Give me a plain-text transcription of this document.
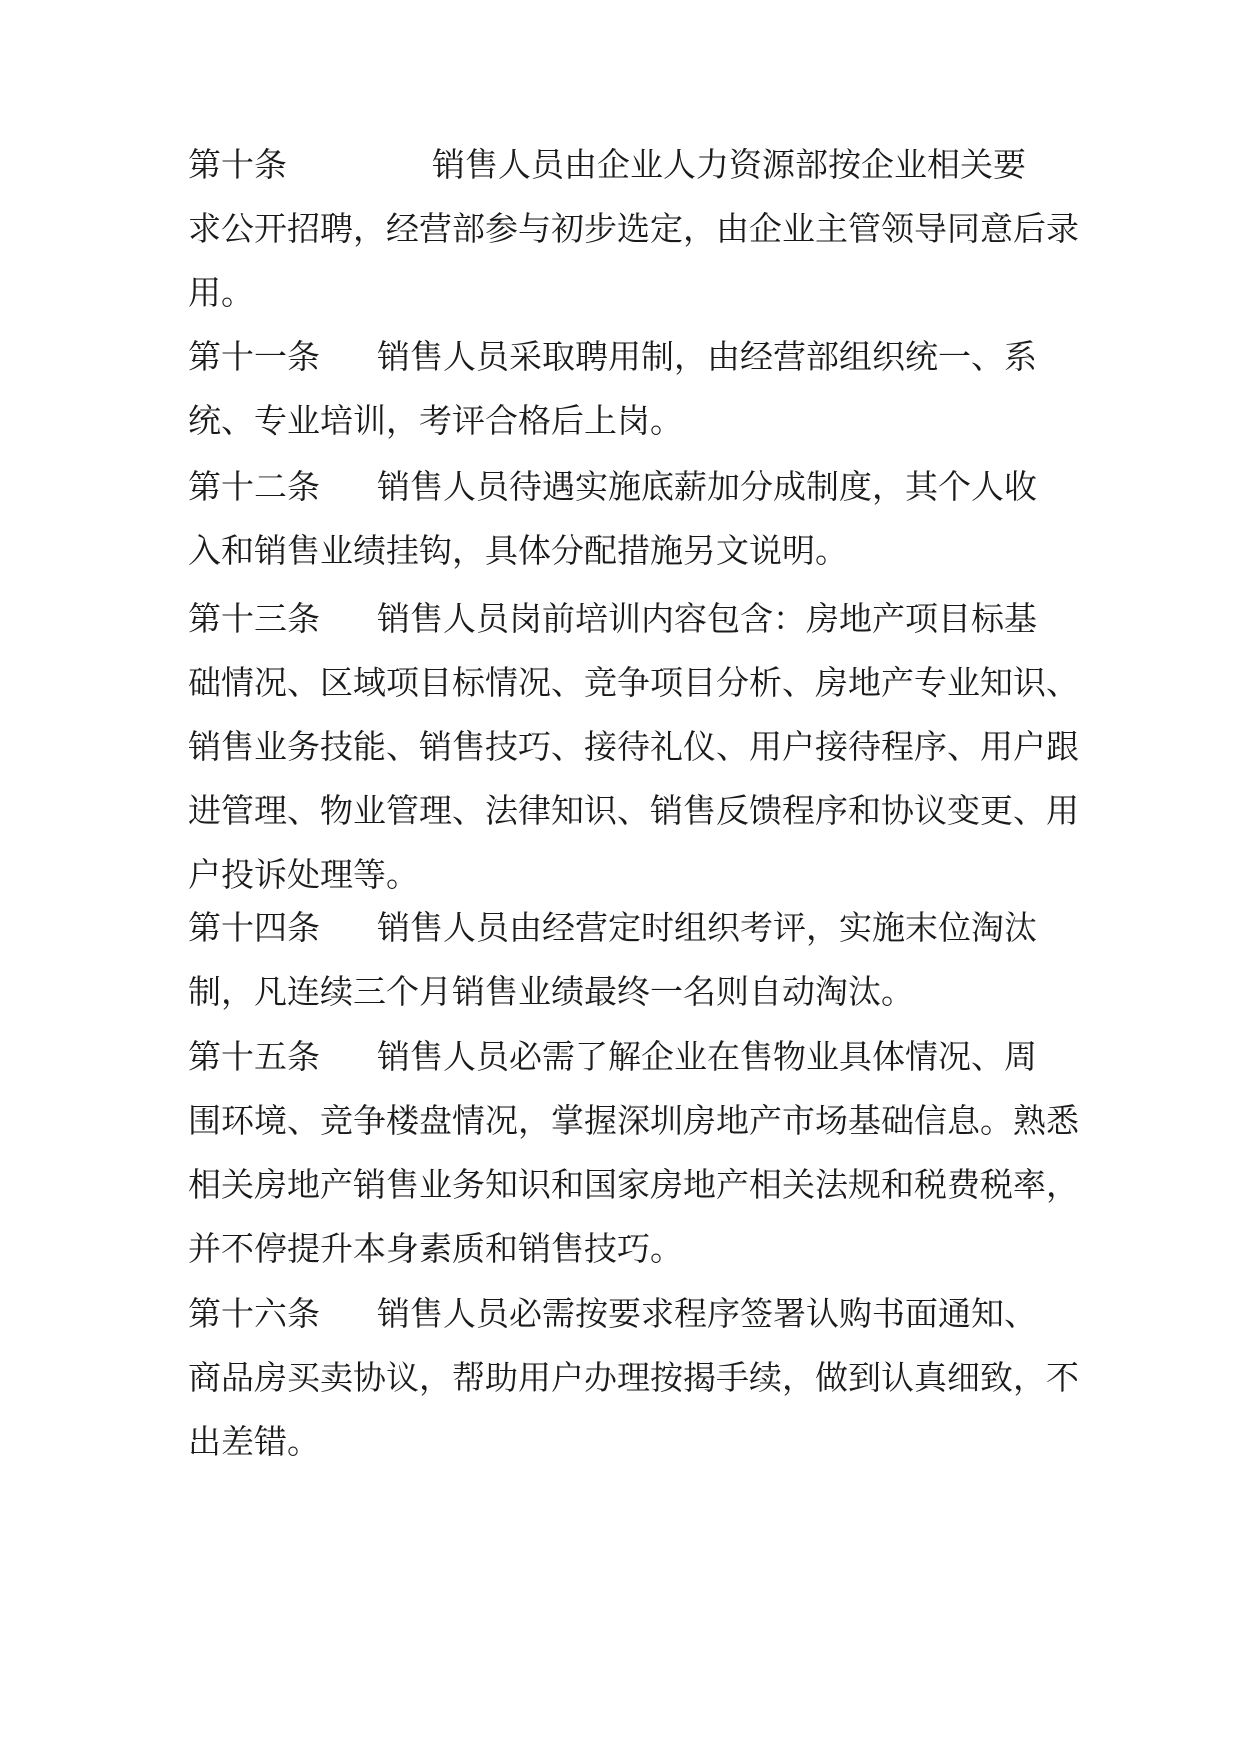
第十条	销售人员由企业人力资源部按企业相关要
求公开招聘，经营部参与初步选定，由企业主管领导同意后录
用。
第十一条 销售人员采取聘用制，由经营部组织统一、系
统、专业培训，考评合格后上岗。
第十二条 销售人员待遇实施底薪加分成制度，其个人收
入和销售业绩挂钩，具体分配措施另文说明。
第十三条 销售人员岗前培训内容包含：房地产项目标基
础情况、区域项目标情况、竞争项目分析、房地产专业知识、
销售业务技能、销售技巧、接待礼仪、用户接待程序、用户跟
进管理、物业管理、法律知识、销售反馈程序和协议变更、用
户投诉处理等。
第十四条 销售人员由经营定时组织考评，实施末位淘汰
制，凡连续三个月销售业绩最终一名则自动淘汰。
第十五条 销售人员必需了解企业在售物业具体情况、周
围环境、竞争楼盘情况，掌握深圳房地产市场基础信息。熟悉
相关房地产销售业务知识和国家房地产相关法规和税费税率，
并不停提升本身素质和销售技巧。
第十六条 销售人员必需按要求程序签署认购书面通知、
商品房买卖协议，帮助用户办理按揭手续，做到认真细致，不
出差错。
